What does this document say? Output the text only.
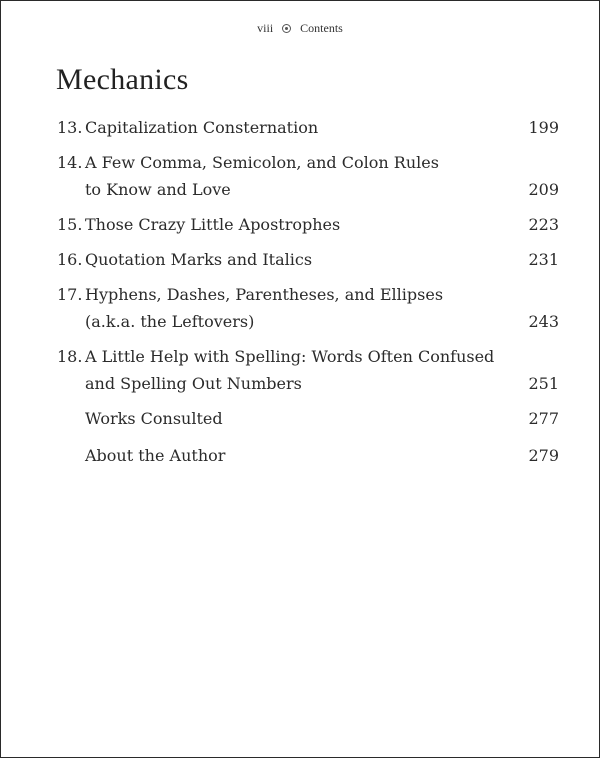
viii Contents
Mechanics
13. Capitalization Consternation	199
14. A Few Comma, Semicolon, and Colon Rules
to Know and Love	209
15. Those Crazy Little Apostrophes	223
16. Quotation Marks and Italics	231
17. Hyphens, Dashes, Parentheses, and Ellipses
(a.k.a. the Leftovers)	243
18. A Little Help with Spelling: Words Often Confused
and Spelling Out Numbers	251
Works Consulted	277
About the Author	279
